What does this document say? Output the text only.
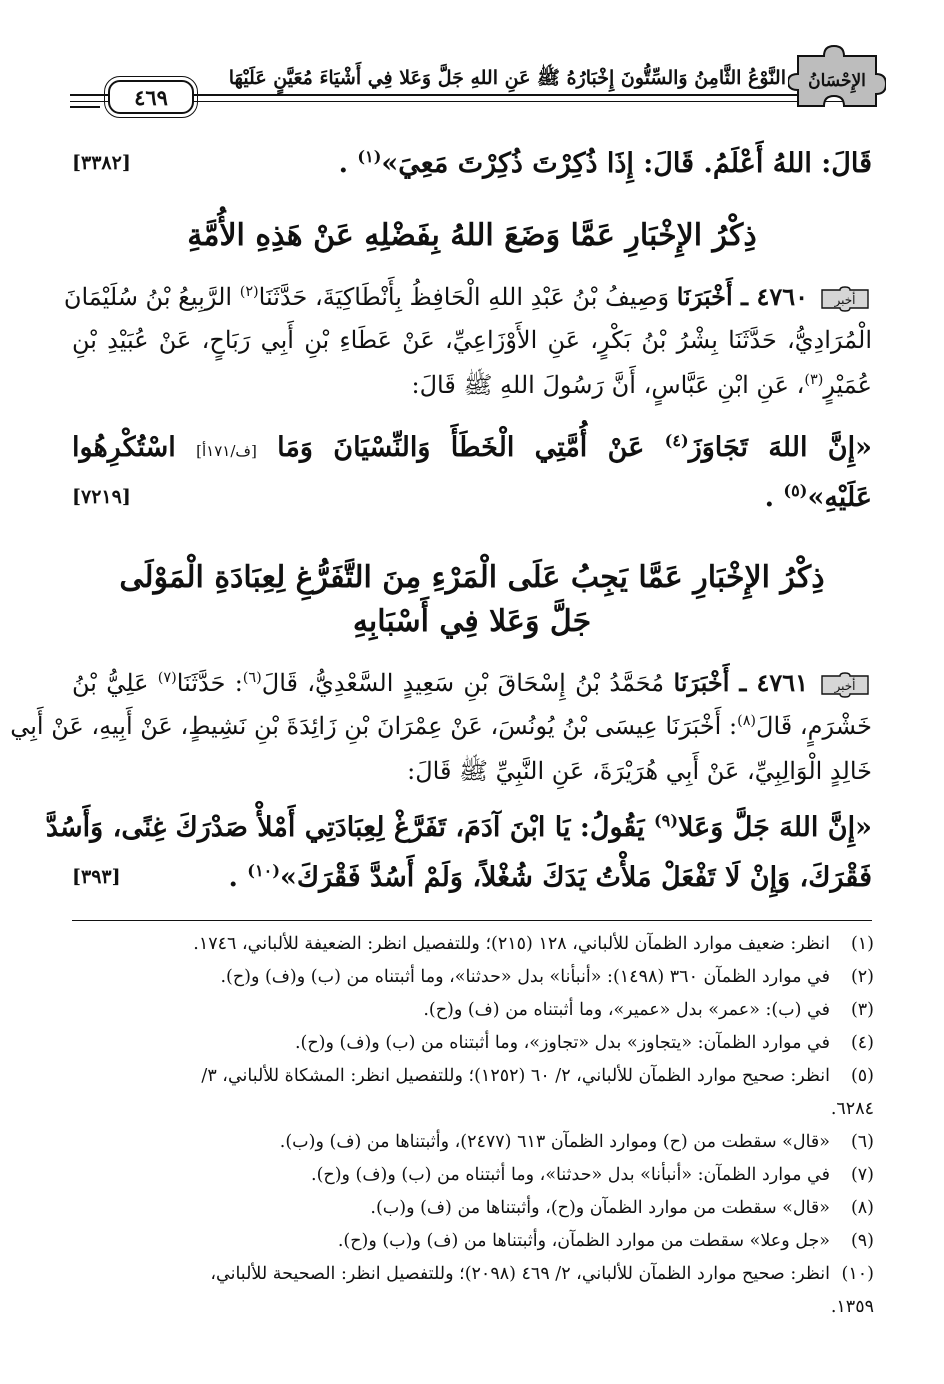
٤٦٩
النَّوْعُ الثَّامِنُ وَالسِّتُّونَ إِخْبَارُهُ ﷺ عَنِ اللهِ جَلَّ وَعَلا فِي أَشْيَاءَ مُعَيَّنٍ عَلَيْهَا	الإِحْسَانُ
قَالَ: اللهُ أَعْلَمُ. قَالَ: إِذَا ذُكِرْتَ ذُكِرْتَ مَعِيَ»$^{(١)}$ .
[٣٣٨٢]
ذِكْرُ الإِخْبَارِ عَمَّا وَضَعَ اللهُ بِفَضْلِهِ عَنْ هَذِهِ الأُمَّةِ
أخبر
٤٧٦٠ ـ أَخْبَرَنَا وَصِيفُ بْنُ عَبْدِ اللهِ الْحَافِظُ بِأَنْطَاكِيَةَ، حَدَّثَنَا$^{(٢)}$ الرَّبِيعُ بْنُ سُلَيْمَانَ
الْمُرَادِيُّ، حَدَّثَنَا بِشْرُ بْنُ بَكْرٍ، عَنِ الأَوْزَاعِيِّ، عَنْ عَطَاءِ بْنِ أَبِي رَبَاحٍ، عَنْ عُبَيْدِ بْنِ
عُمَيْرٍ$^{(٣)}$، عَنِ ابْنِ عَبَّاسٍ، أَنَّ رَسُولَ اللهِ ﷺ قَالَ:
«إِنَّ اللهَ تَجَاوَزَ$^{(٤)}$ عَنْ أُمَّتِي الْخَطَأَ وَالنِّسْيَانَ وَمَا [ف/١٧١أ] اسْتُكْرِهُوا
عَلَيْهِ»$^{(٥)}$ .
[٧٢١٩]
ذِكْرُ الإِخْبَارِ عَمَّا يَجِبُ عَلَى الْمَرْءِ مِنَ التَّفَرُّغِ لِعِبَادَةِ الْمَوْلَى
جَلَّ وَعَلا فِي أَسْبَابِهِ
أخبر
٤٧٦١ ـ أَخْبَرَنَا مُحَمَّدُ بْنُ إِسْحَاقَ بْنِ سَعِيدٍ السَّعْدِيُّ، قَالَ$^{(٦)}$: حَدَّثَنَا$^{(٧)}$ عَلِيُّ بْنُ
خَشْرَمٍ، قَالَ$^{(٨)}$: أَخْبَرَنَا عِيسَى بْنُ يُونُسَ، عَنْ عِمْرَانَ بْنِ زَائِدَةَ بْنِ نَشِيطٍ، عَنْ أَبِيهِ، عَنْ أَبِي
خَالِدٍ الْوَالِبِيِّ، عَنْ أَبِي هُرَيْرَةَ، عَنِ النَّبِيِّ ﷺ قَالَ:
«إِنَّ اللهَ جَلَّ وَعَلا$^{(٩)}$ يَقُولُ: يَا ابْنَ آدَمَ، تَفَرَّغْ لِعِبَادَتِي أَمْلأْ صَدْرَكَ غِنًى، وَأَسُدَّ
فَقْرَكَ، وَإِنْ لَا تَفْعَلْ مَلأْتُ يَدَكَ شُغْلاً، وَلَمْ أَسُدَّ فَقْرَكَ»$^{(١٠)}$ .
[٣٩٣]
(١)انظر: ضعيف موارد الظمآن للألباني، ١٢٨ (٢١٥)؛ وللتفصيل انظر: الضعيفة للألباني، ١٧٤٦.
(٢)في موارد الظمآن ٣٦٠ (١٤٩٨): «أنبأنا» بدل «حدثنا»، وما أثبتناه من (ب) و(ف) و(ح).
(٣)في (ب): «عمر» بدل «عمير»، وما أثبتناه من (ف) و(ح).
(٤)في موارد الظمآن: «يتجاوز» بدل «تجاوز»، وما أثبتناه من (ب) و(ف) و(ح).
(٥)انظر: صحيح موارد الظمآن للألباني، ٢/ ٦٠ (١٢٥٢)؛ وللتفصيل انظر: المشكاة للألباني، ٣/
٦٢٨٤.
(٦)«قال» سقطت من (ح) وموارد الظمآن ٦١٣ (٢٤٧٧)، وأثبتناها من (ف) و(ب).
(٧)في موارد الظمآن: «أنبأنا» بدل «حدثنا»، وما أثبتناه من (ب) و(ف) و(ح).
(٨)«قال» سقطت من موارد الظمآن و(ح)، وأثبتناها من (ف) و(ب).
(٩)«جل وعلا» سقطت من موارد الظمآن، وأثبتناها من (ف) و(ب) و(ح).
(١٠)انظر: صحيح موارد الظمآن للألباني، ٢/ ٤٦٩ (٢٠٩٨)؛ وللتفصيل انظر: الصحيحة للألباني،
١٣٥٩.
